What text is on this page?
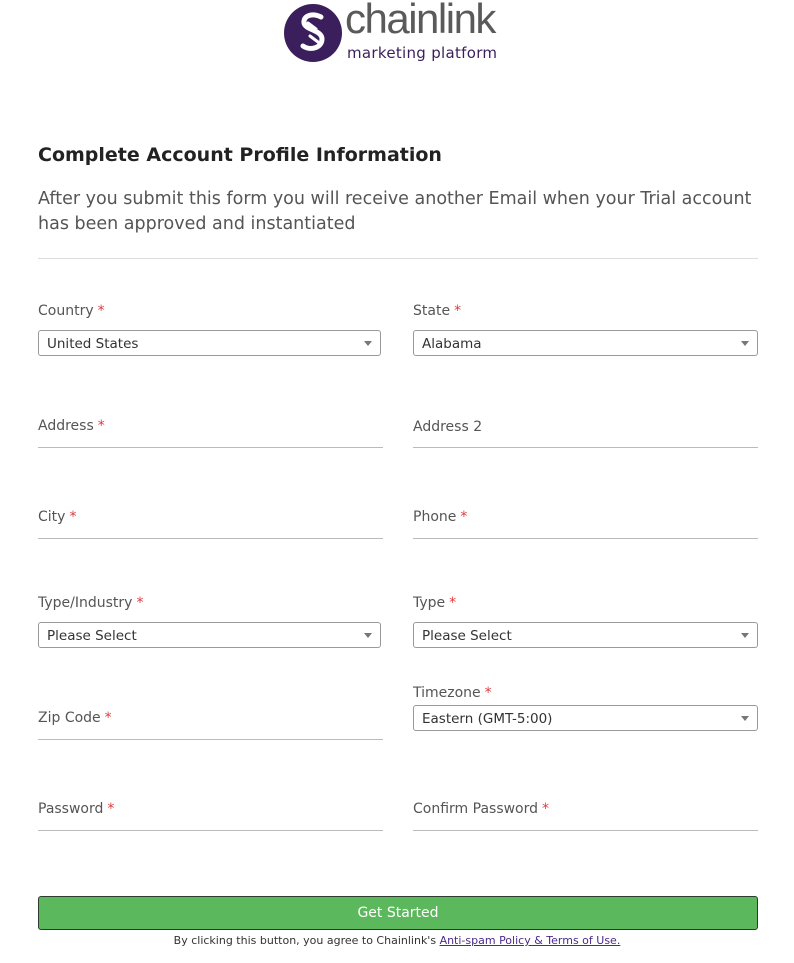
chainlink
marketing platform
Complete Account Profile Information
After you submit this form you will receive another Email when your Trial account has been approved and instantiated
Country *
United States
State *
Alabama
Address *	Address 2
City *	Phone *
Type/Industry *
Please Select
Type *
Please Select
Zip Code *
Timezone *
Eastern (GMT-5:00)
Password *	Confirm Password *
Get Started
By clicking this button, you agree to Chainlink's Anti-spam Policy & Terms of Use.
